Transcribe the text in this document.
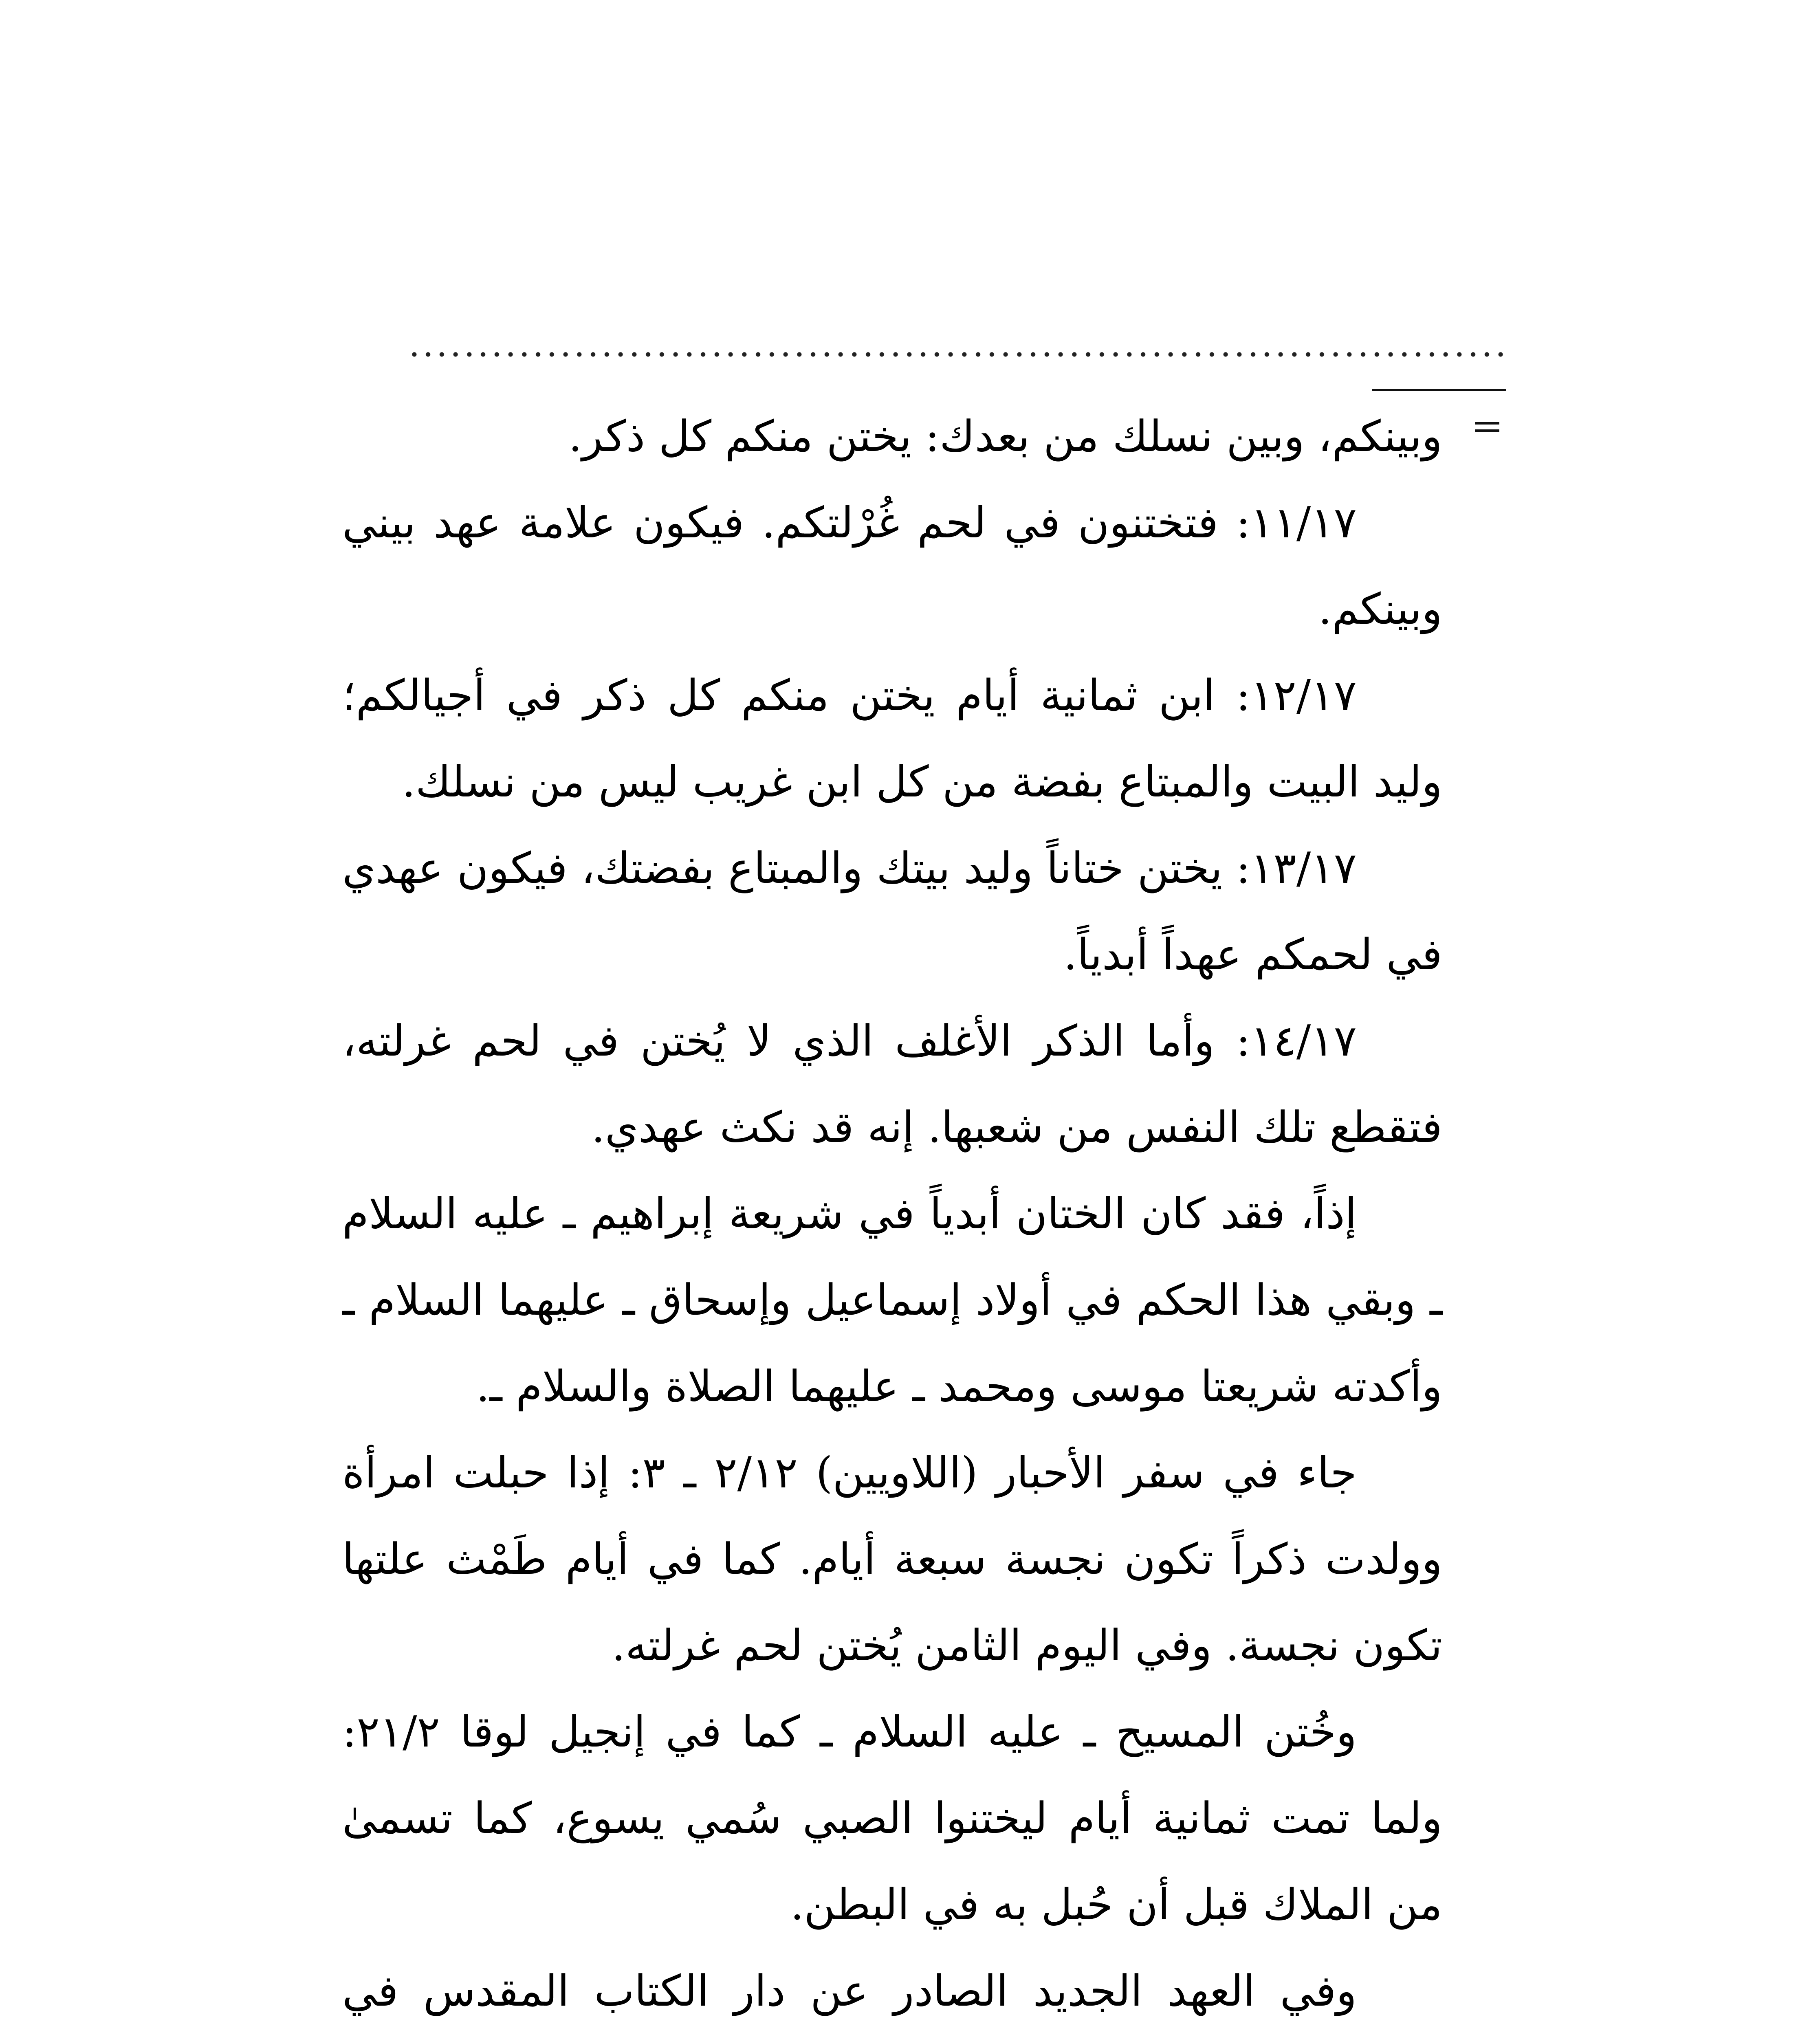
وبينكم، وبين نسلك من بعدك: يختن منكم كل ذكر.

١١/١٧: فتختنون في لحم غُرْلتكم. فيكون علامة عهد بيني وبينكم.

١٢/١٧: ابن ثمانية أيام يختن منكم كل ذكر في أجيالكم؛ وليد البيت والمبتاع بفضة من كل ابن غريب ليس من نسلك.

١٣/١٧: يختن ختاناً وليد بيتك والمبتاع بفضتك، فيكون عهدي في لحمكم عهداً أبدياً.

١٤/١٧: وأما الذكر الأغلف الذي لا يُختن في لحم غرلته، فتقطع تلك النفس من شعبها. إنه قد نكث عهدي.

إذاً، فقد كان الختان أبدياً في شريعة إبراهيم ـ عليه السلام ـ وبقي هذا الحكم في أولاد إسماعيل وإسحاق ـ عليهما السلام ـ وأكدته شريعتا موسى ومحمد ـ عليهما الصلاة والسلام ـ.

جاء في سفر الأحبار (اللاويين) ٢/١٢ ـ ٣: إذا حبلت امرأة وولدت ذكراً تكون نجسة سبعة أيام. كما في أيام طَمْث علتها تكون نجسة. وفي اليوم الثامن يُختن لحم غرلته.

وخُتن المسيح ـ عليه السلام ـ كما في إنجيل لوقا ٢١/٢: ولما تمت ثمانية أيام ليختنوا الصبي سُمي يسوع، كما تسمىٰ من الملاك قبل أن حُبل به في البطن.

وفي العهد الجديد الصادر عن دار الكتاب المقدس في
